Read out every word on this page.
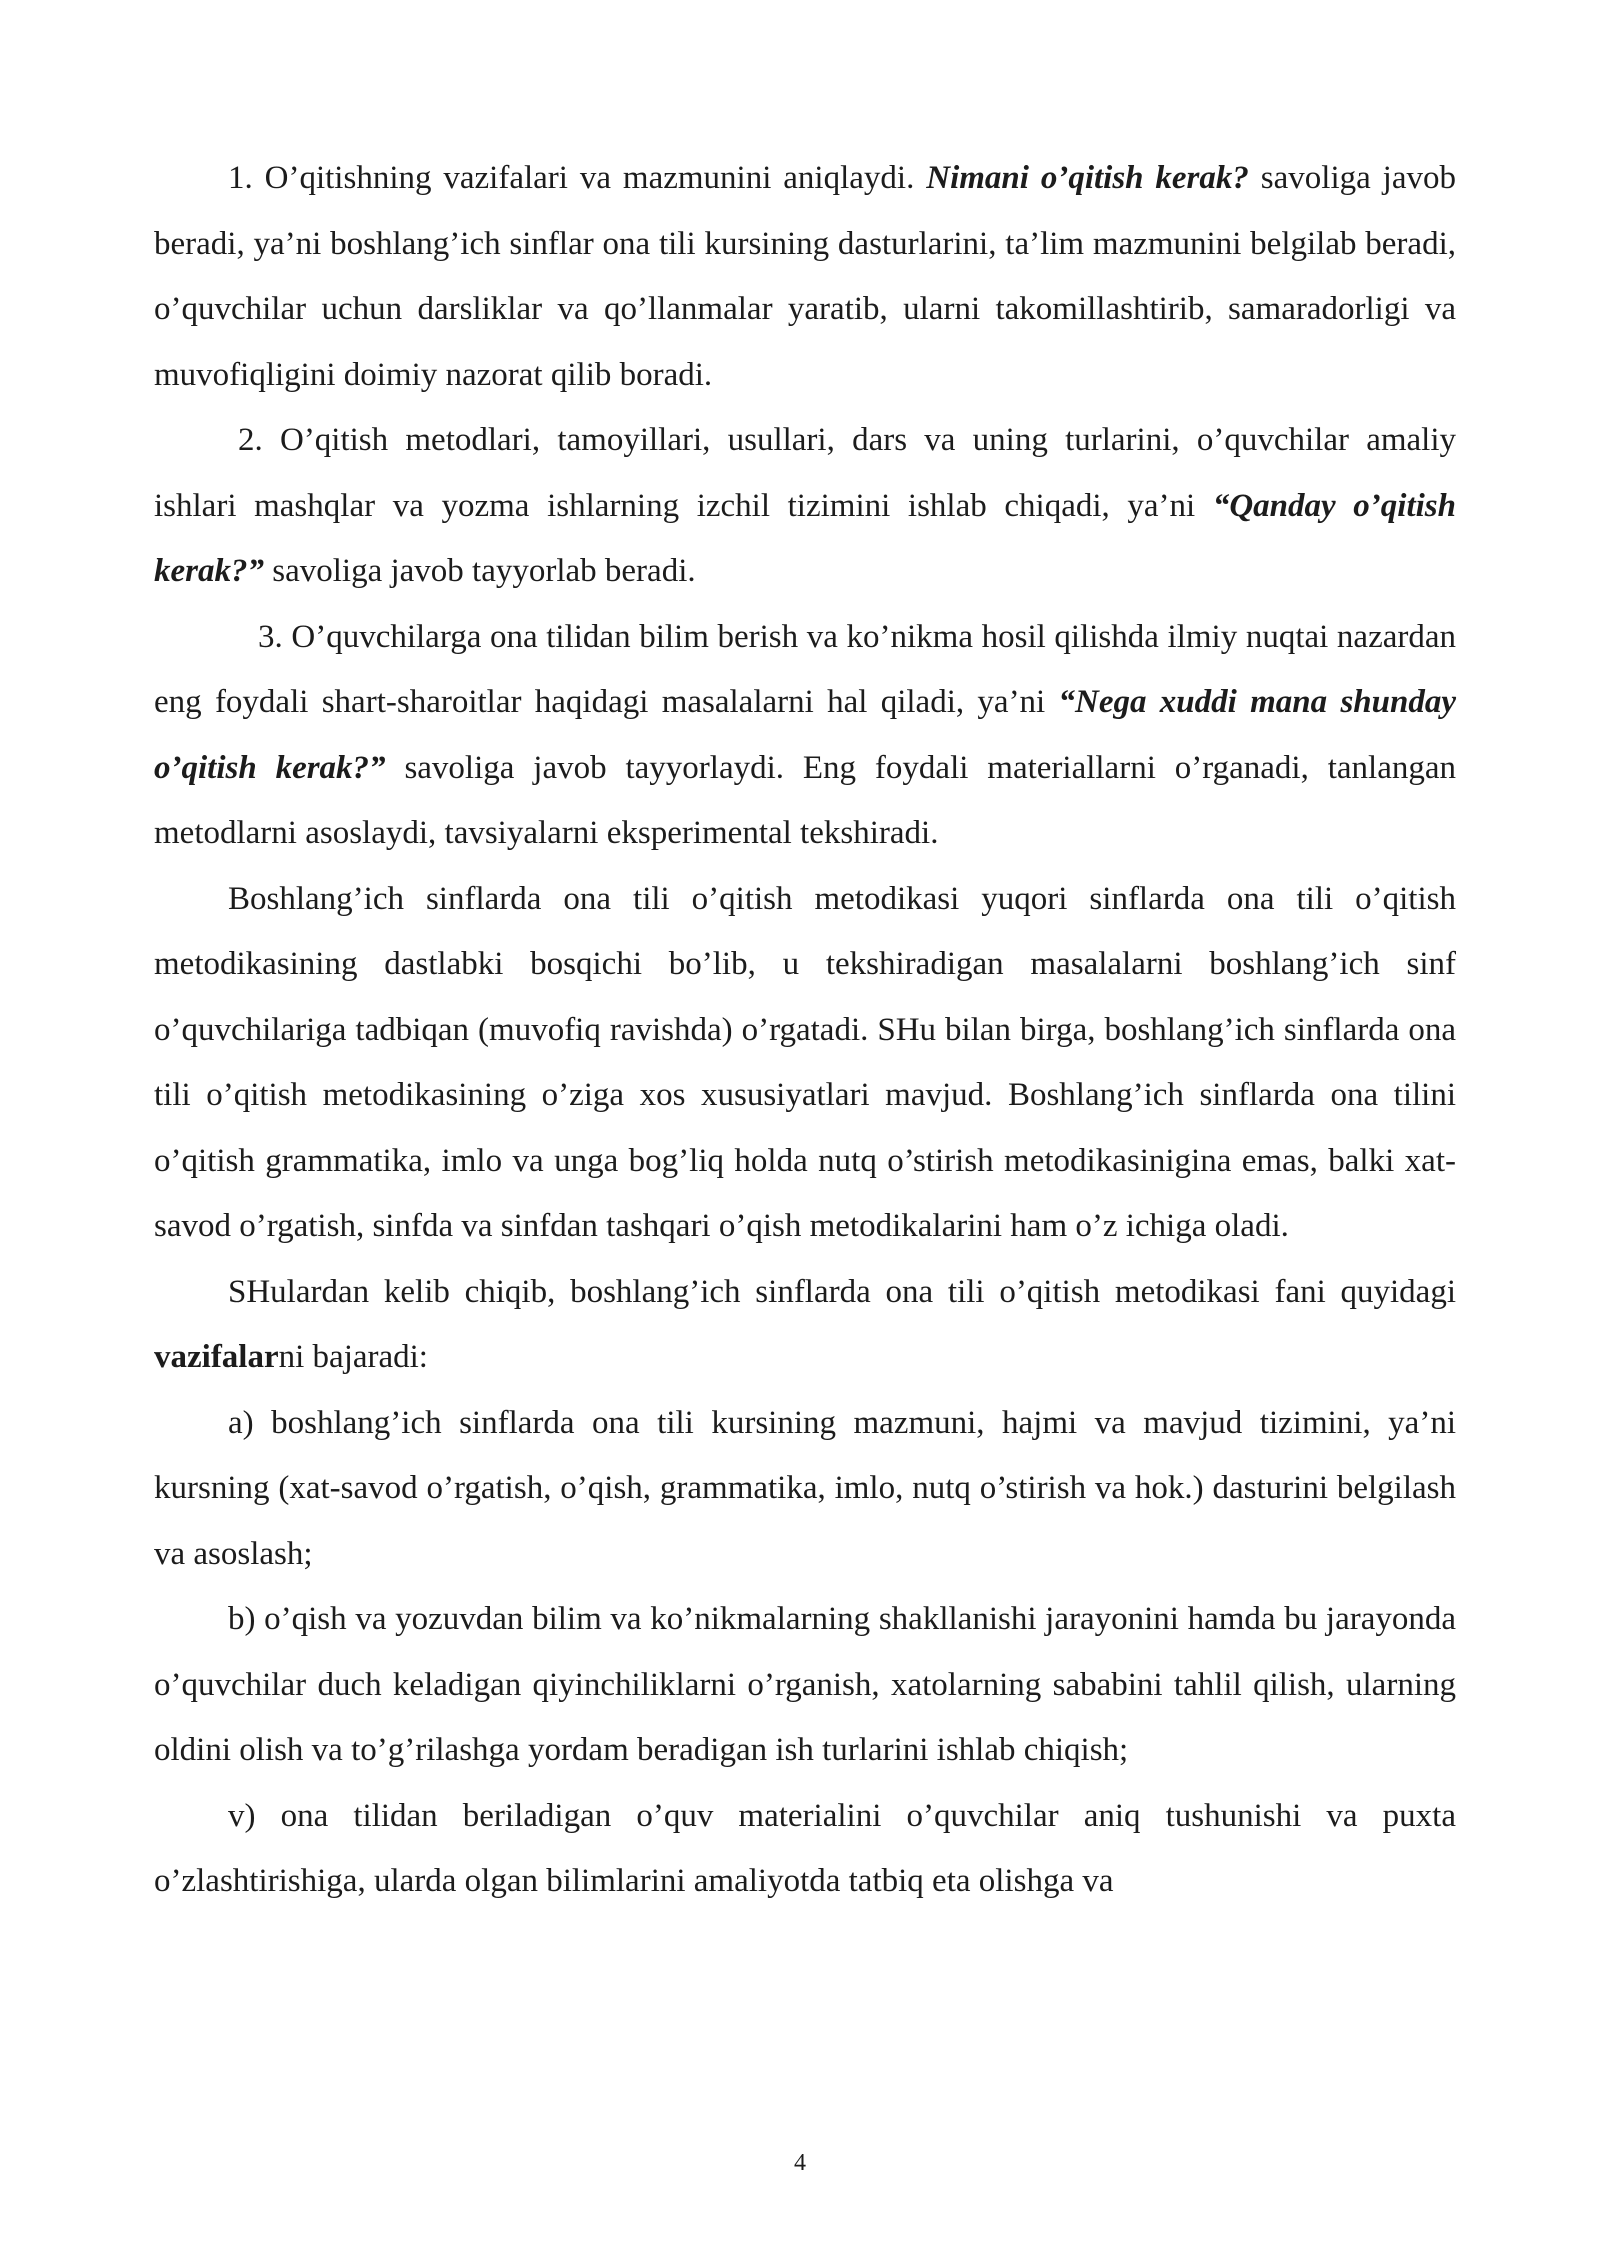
1. O’qitishning vazifalari va mazmunini aniqlaydi. Nimani o’qitish kerak? savoliga javob beradi, ya’ni boshlang’ich sinflar ona tili kursining dasturlarini, ta’lim mazmunini belgilab beradi, o’quvchilar uchun darsliklar va qo’llanmalar yaratib, ularni takomillashtirib, samaradorligi va muvofiqligini doimiy nazorat qilib boradi.

2. O’qitish metodlari, tamoyillari, usullari, dars va uning turlarini, o’quvchilar amaliy ishlari mashqlar va yozma ishlarning izchil tizimini ishlab chiqadi, ya’ni “Qanday o’qitish kerak?” savoliga javob tayyorlab beradi.

3. O’quvchilarga ona tilidan bilim berish va ko’nikma hosil qilishda ilmiy nuqtai nazardan eng foydali shart-sharoitlar haqidagi masalalarni hal qiladi, ya’ni “Nega xuddi mana shunday o’qitish kerak?” savoliga javob tayyorlaydi. Eng foydali materiallarni o’rganadi, tanlangan metodlarni asoslaydi, tavsiyalarni eksperimental tekshiradi.

Boshlang’ich sinflarda ona tili o’qitish metodikasi yuqori sinflarda ona tili o’qitish metodikasining dastlabki bosqichi bo’lib, u tekshiradigan masalalarni boshlang’ich sinf o’quvchilariga tadbiqan (muvofiq ravishda) o’rgatadi. SHu bilan birga, boshlang’ich sinflarda ona tili o’qitish metodikasining o’ziga xos xususiyatlari mavjud. Boshlang’ich sinflarda ona tilini o’qitish grammatika, imlo va unga bog’liq holda nutq o’stirish metodikasinigina emas, balki xat-savod o’rgatish, sinfda va sinfdan tashqari o’qish metodikalarini ham o’z ichiga oladi.

SHulardan kelib chiqib, boshlang’ich sinflarda ona tili o’qitish metodikasi fani quyidagi vazifalarni bajaradi:

a) boshlang’ich sinflarda ona tili kursining mazmuni, hajmi va mavjud tizimini, ya’ni kursning (xat-savod o’rgatish, o’qish, grammatika, imlo, nutq o’stirish va hok.) dasturini belgilash va asoslash;

b) o’qish va yozuvdan bilim va ko’nikmalarning shakllanishi jarayonini hamda bu jarayonda o’quvchilar duch keladigan qiyinchiliklarni o’rganish, xatolarning sababini tahlil qilish, ularning oldini olish va to’g’rilashga yordam beradigan ish turlarini ishlab chiqish;

v) ona tilidan beriladigan o’quv materialini o’quvchilar aniq tushunishi va puxta o’zlashtirishiga, ularda olgan bilimlarini amaliyotda tatbiq eta olishga va

4
